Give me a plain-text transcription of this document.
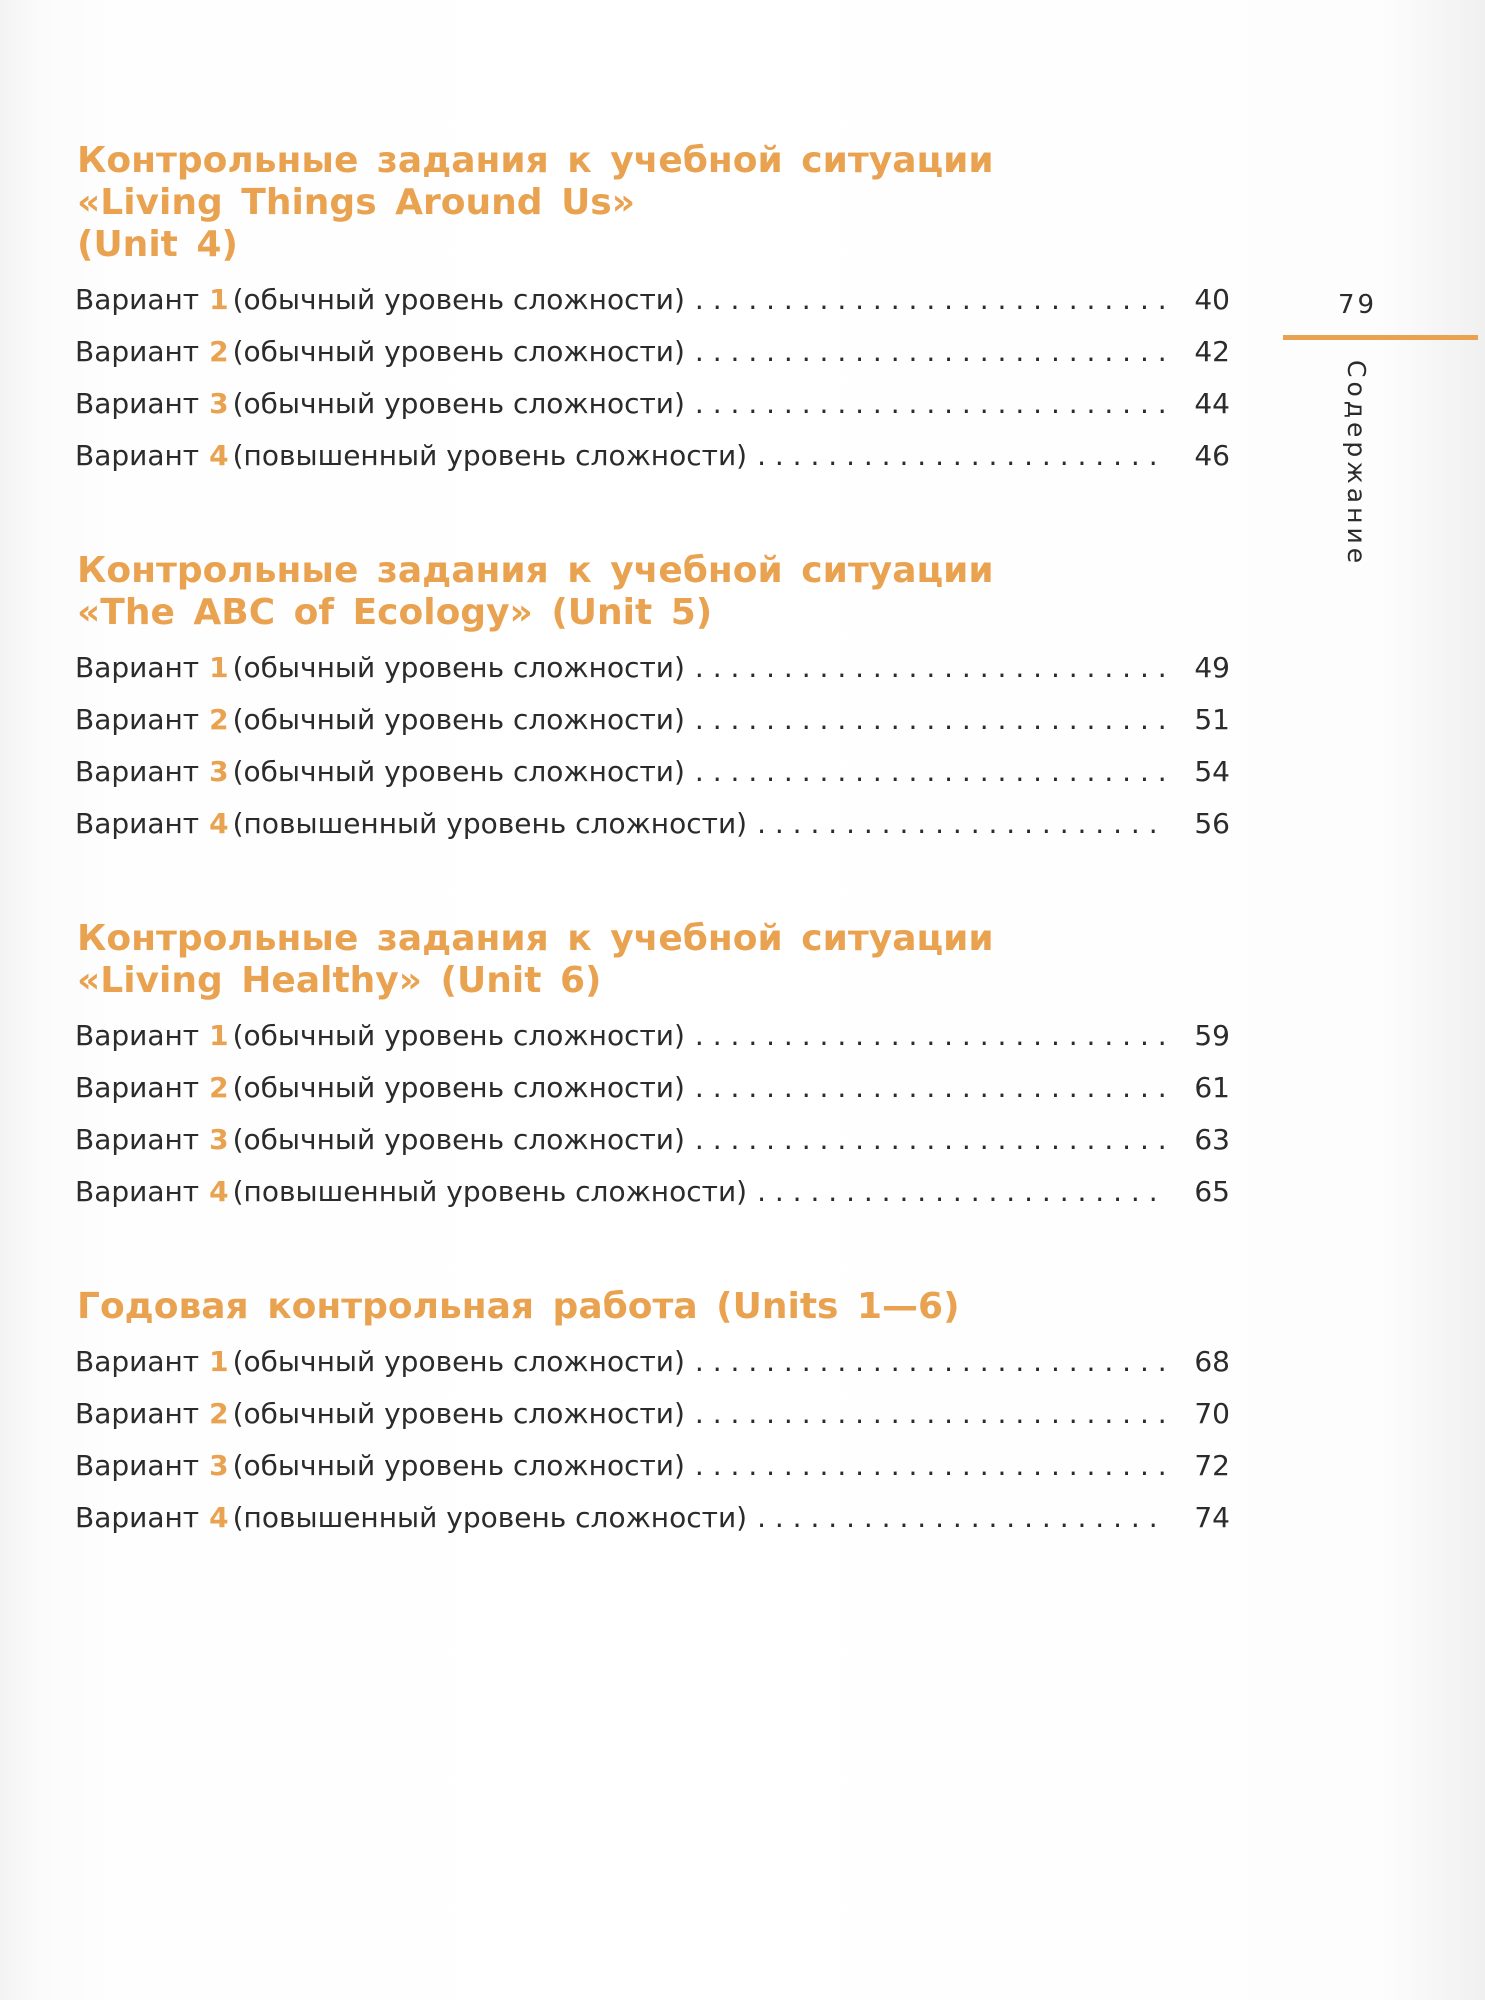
Контрольные задания к учебной ситуации
«Living Things Around Us»
(Unit 4)
Вариант 1 (обычный уровень сложности) . . .	40
Вариант 2 (обычный уровень сложности) . . .	42
Вариант 3 (обычный уровень сложности) . . .	44
Вариант 4 (повышенный уровень сложности) . . .	46
Контрольные задания к учебной ситуации
«The ABC of Ecology» (Unit 5)
Вариант 1 (обычный уровень сложности) . . .	49
Вариант 2 (обычный уровень сложности) . . .	51
Вариант 3 (обычный уровень сложности) . . .	54
Вариант 4 (повышенный уровень сложности) . . .	56
Контрольные задания к учебной ситуации
«Living Healthy» (Unit 6)
Вариант 1 (обычный уровень сложности) . . .	59
Вариант 2 (обычный уровень сложности) . . .	61
Вариант 3 (обычный уровень сложности) . . .	63
Вариант 4 (повышенный уровень сложности) . . .	65
Годовая контрольная работа (Units 1—6)
Вариант 1 (обычный уровень сложности) . . .	68
Вариант 2 (обычный уровень сложности) . . .	70
Вариант 3 (обычный уровень сложности) . . .	72
Вариант 4 (повышенный уровень сложности) . . .	74
79
Содержание
